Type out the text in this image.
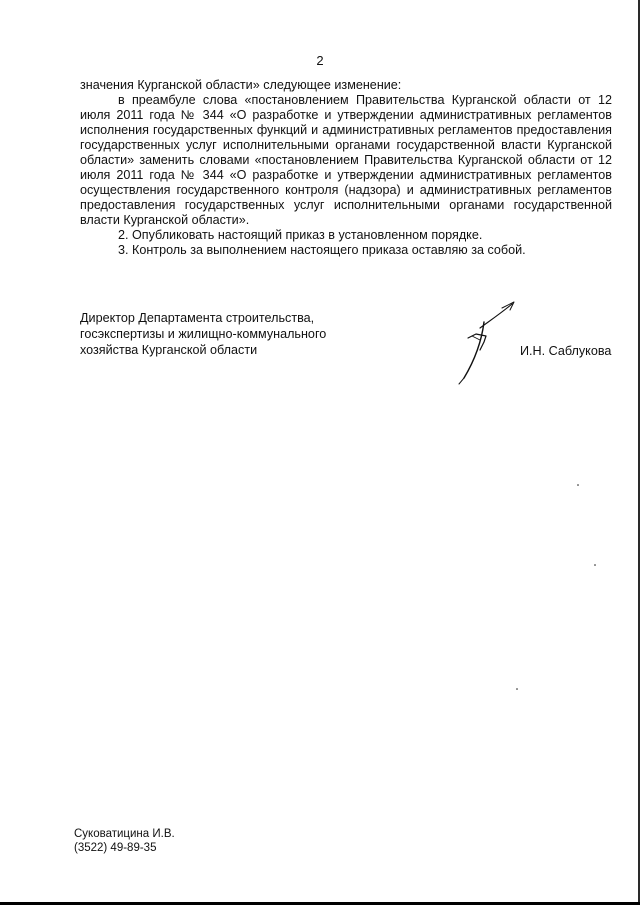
2

значения Курганской области» следующее изменение:

в преамбуле слова «постановлением Правительства Курганской области от 12 июля 2011 года № 344 «О разработке и утверждении административных регламентов исполнения государственных функций и административных регламентов предоставления государственных услуг исполнительными органами государственной власти Курганской области» заменить словами «постановлением Правительства Курганской области от 12 июля 2011 года № 344 «О разработке и утверждении административных регламентов осуществления государственного контроля (надзора) и административных регламентов предоставления государственных услуг исполнительными органами государственной власти Курганской области».

2. Опубликовать настоящий приказ в установленном порядке.

3. Контроль за выполнением настоящего приказа оставляю за собой.

Директор Департамента строительства,
госэкспертизы и жилищно-коммунального
хозяйства Курганской области	И.Н. Саблукова
Суковатицина И.В.
(3522) 49-89-35
